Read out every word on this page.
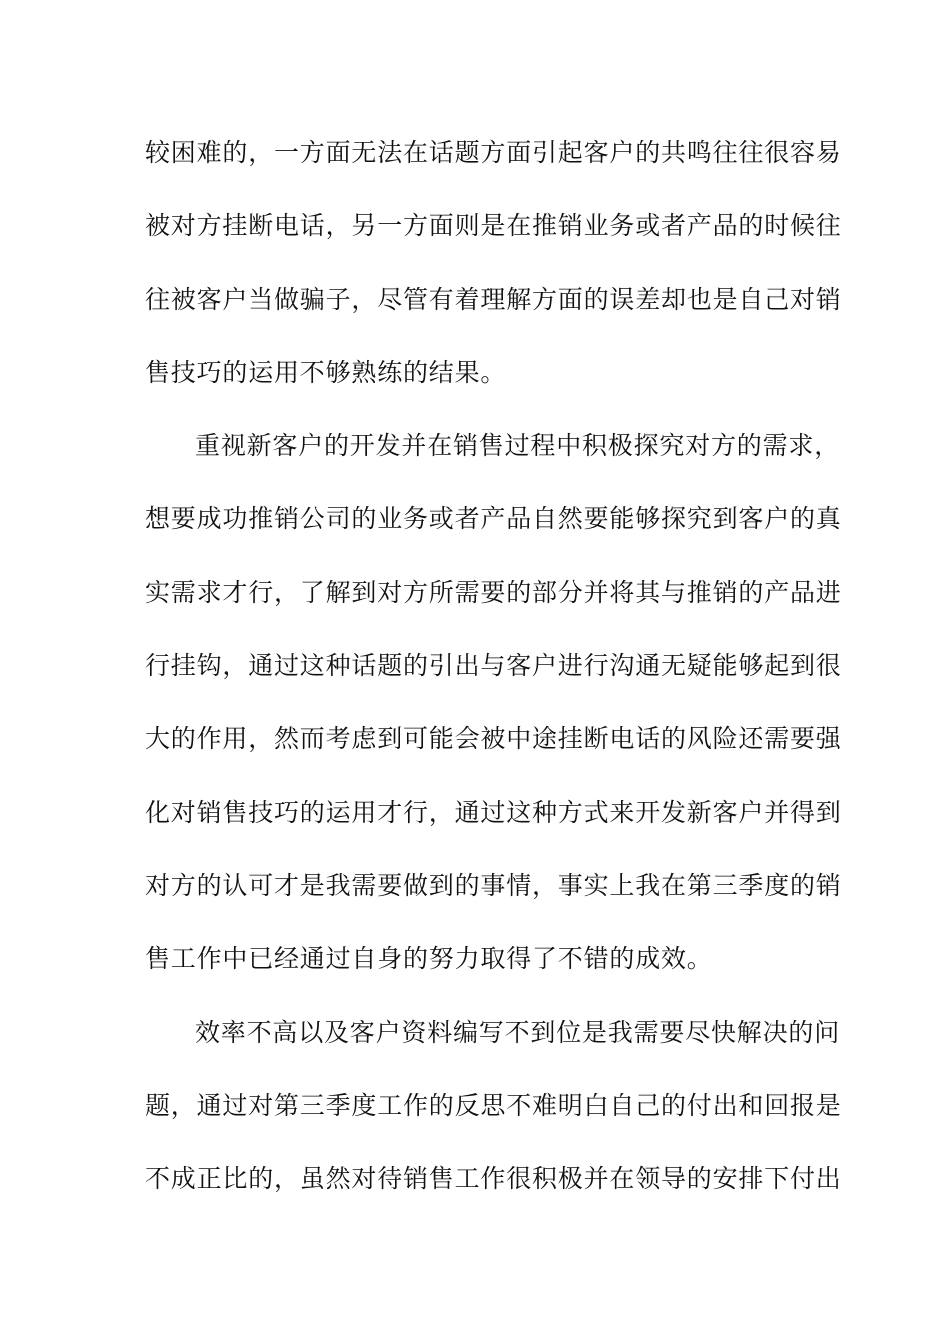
较困难的，一方面无法在话题方面引起客户的共鸣往往很容易
被对方挂断电话，另一方面则是在推销业务或者产品的时候往
往被客户当做骗子，尽管有着理解方面的误差却也是自己对销
售技巧的运用不够熟练的结果。
重视新客户的开发并在销售过程中积极探究对方的需求，
想要成功推销公司的业务或者产品自然要能够探究到客户的真
实需求才行，了解到对方所需要的部分并将其与推销的产品进
行挂钩，通过这种话题的引出与客户进行沟通无疑能够起到很
大的作用，然而考虑到可能会被中途挂断电话的风险还需要强
化对销售技巧的运用才行，通过这种方式来开发新客户并得到
对方的认可才是我需要做到的事情，事实上我在第三季度的销
售工作中已经通过自身的努力取得了不错的成效。
效率不高以及客户资料编写不到位是我需要尽快解决的问
题，通过对第三季度工作的反思不难明白自己的付出和回报是
不成正比的，虽然对待销售工作很积极并在领导的安排下付出
